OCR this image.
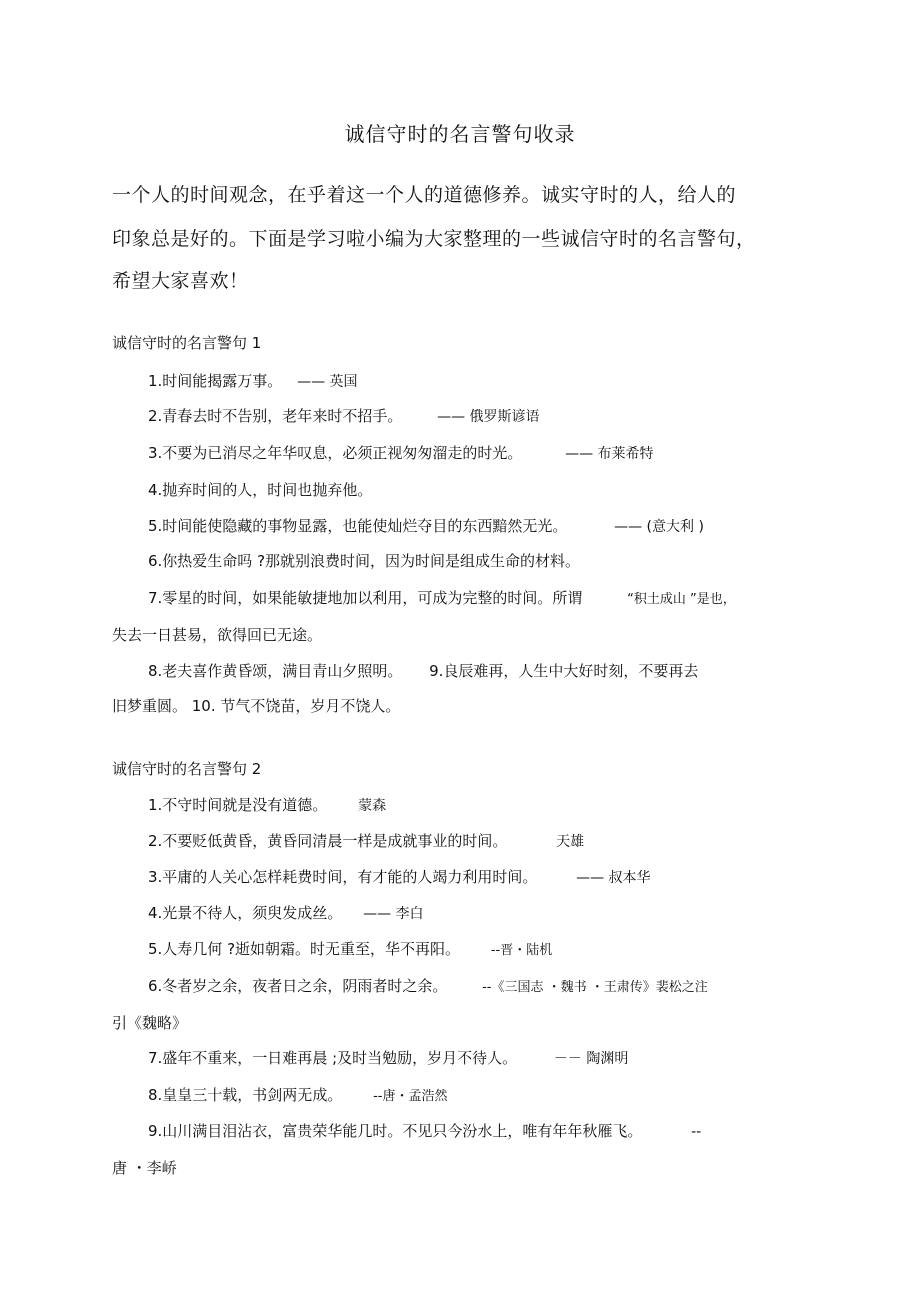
诚信守时的名言警句收录
一个人的时间观念，在乎着这一个人的道德修养。诚实守时的人，给人的
印象总是好的。下面是学习啦小编为大家整理的一些诚信守时的名言警句，
希望大家喜欢！
诚信守时的名言警句 1
1.时间能揭露万事。 —— 英国
2.青春去时不告别，老年来时不招手。 —— 俄罗斯谚语
3.不要为已消尽之年华叹息，必须正视匆匆溜走的时光。	—— 布莱希特
4.抛弃时间的人，时间也抛弃他。
5.时间能使隐藏的事物显露，也能使灿烂夺目的东西黯然无光。	—— (意大利 )
6.你热爱生命吗 ?那就别浪费时间，因为时间是组成生命的材料。
7.零星的时间，如果能敏捷地加以利用，可成为完整的时间。所谓	“积土成山 ”是也，
失去一日甚易，欲得回已无途。
8.老夫喜作黄昏颂，满目青山夕照明。 9.良辰难再，人生中大好时刻，不要再去
旧梦重圆。 10. 节气不饶苗，岁月不饶人。
诚信守时的名言警句 2
1.不守时间就是没有道德。 蒙森
2.不要贬低黄昏，黄昏同清晨一样是成就事业的时间。	天雄
3.平庸的人关心怎样耗费时间，有才能的人竭力利用时间。	—— 叔本华
4.光景不待人，须臾发成丝。 —— 李白
5.人寿几何 ?逝如朝霜。时无重至，华不再阳。 --晋・陆机
6.冬者岁之余，夜者日之余，阴雨者时之余。	--《三国志 ・魏书 ・王肃传》裴松之注
引《魏略》
7.盛年不重来，一日难再晨 ;及时当勉励，岁月不待人。	－－ 陶渊明
8.皇皇三十载，书剑两无成。 --唐・孟浩然
9.山川满目泪沾衣，富贵荣华能几时。不见只今汾水上，唯有年年秋雁飞。	--
唐 ・李峤
